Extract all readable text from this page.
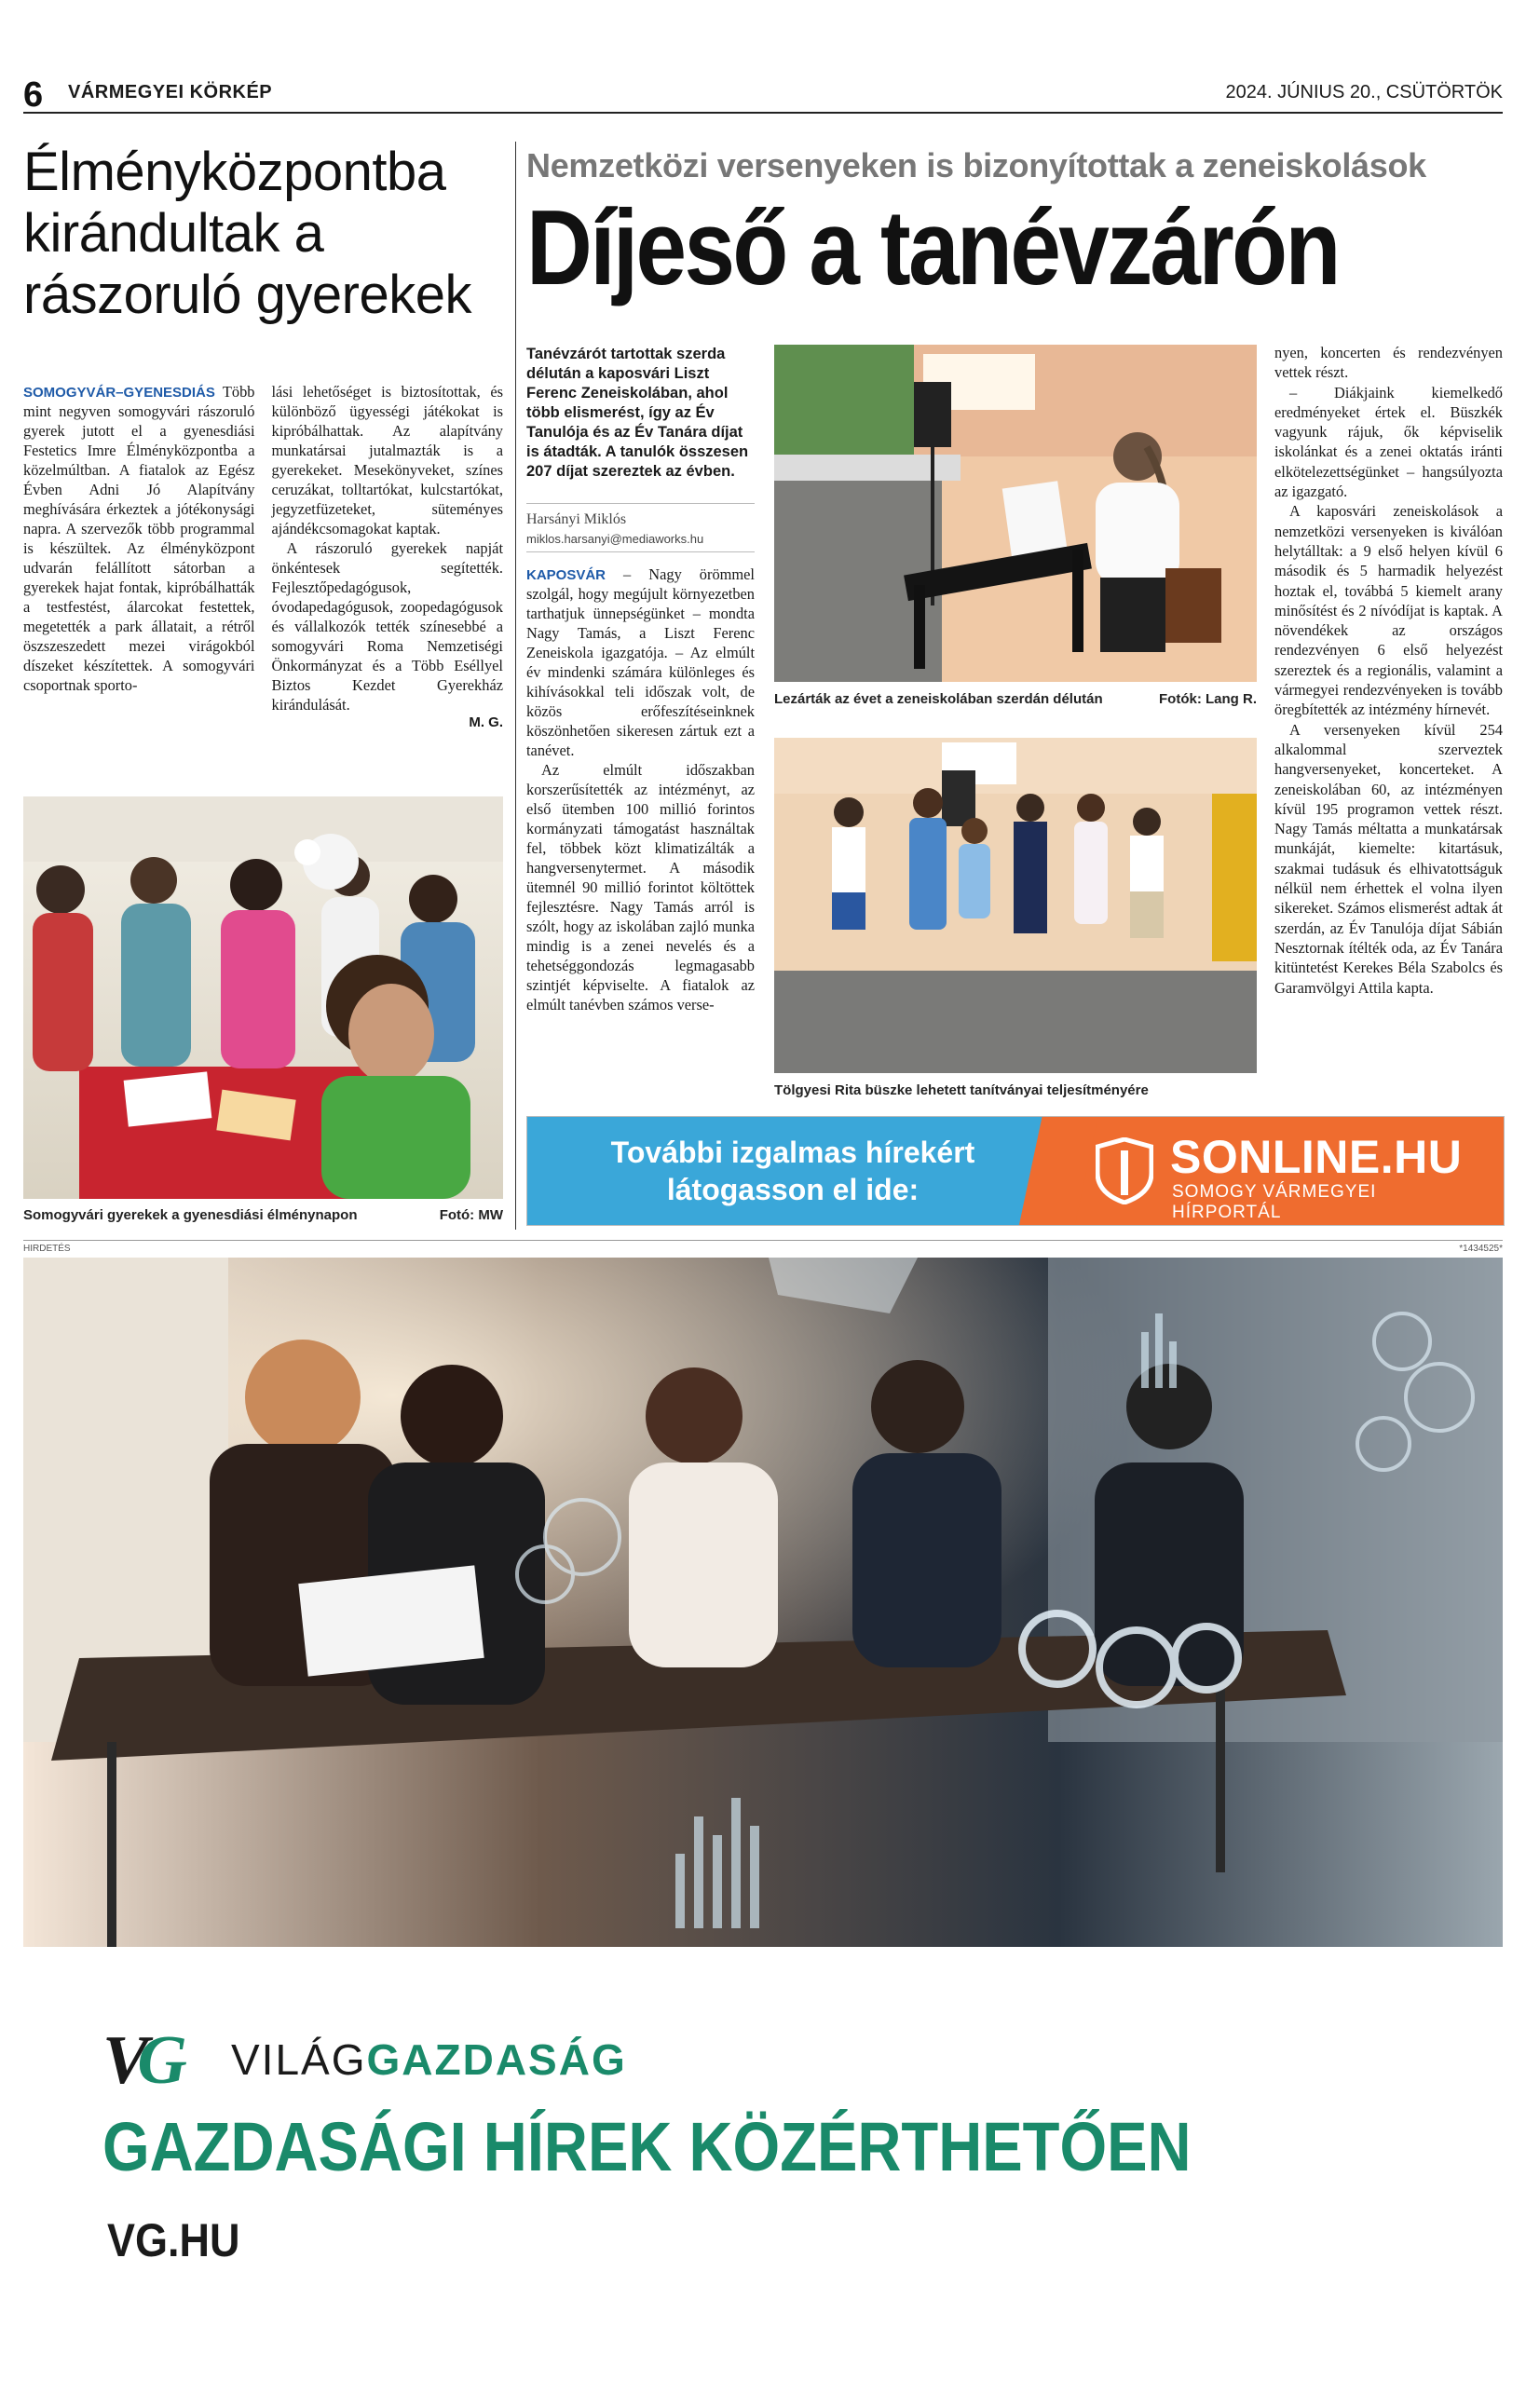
6 VÁRMEGYEI KÖRKÉP	2024. JÚNIUS 20., CSÜTÖRTÖK
Élményközpontba kirándultak a rászoruló gyerekek

SOMOGYVÁR–GYENESDIÁS Több mint negyven somogyvári rászoruló gyerek jutott el a gyenesdiási Festetics Imre Élményközpontba a közelmúltban. A fiatalok az Egész Évben Adni Jó Alapítvány meghívására érkeztek a jótékonysági napra. A szervezők több programmal is készültek. Az élményközpont udvarán felállított sátorban a gyerekek hajat fontak, kipróbálhatták a testfestést, álarcokat festettek, megetették a park állatait, a rétről öszszeszedett mezei virágokból díszeket készítettek. A somogyvári csoportnak sporto-

lási lehetőséget is biztosítottak, és különböző ügyességi játékokat is kipróbálhattak. Az alapítvány munkatársai jutalmazták is a gyerekeket. Mesekönyveket, színes ceruzákat, tolltartókat, kulcstartókat, jegyzetfüzeteket, süteményes ajándékcsomagokat kaptak.

A rászoruló gyerekek napját önkéntesek segítették. Fejlesztőpedagógusok, óvodapedagógusok, zoopedagógusok és vállalkozók tették színesebbé a somogyvári Roma Nemzetiségi Önkormányzat és a Több Eséllyel Biztos Kezdet Gyerekház kirándulását.

M. G.
Somogyvári gyerekek a gyenesdiási élménynapon	Fotó: MW
Nemzetközi versenyeken is bizonyítottak a zeneiskolások
Díjeső a tanévzárón
Tanévzárót tartottak szerda délután a kaposvári Liszt Ferenc Zeneiskolában, ahol több elismerést, így az Év Tanulója és az Év Tanára díjat is átadták. A tanulók összesen 207 díjat szereztek az évben.
Harsányi Miklós
miklos.harsanyi@mediaworks.hu

KAPOSVÁR – Nagy örömmel szolgál, hogy megújult környezetben tarthatjuk ünnepségünket – mondta Nagy Tamás, a Liszt Ferenc Zeneiskola igazgatója. – Az elmúlt év mindenki számára különleges és kihívásokkal teli időszak volt, de közös erőfeszítéseinknek köszönhetően sikeresen zártuk ezt a tanévet.

Az elmúlt időszakban korszerűsítették az intézményt, az első ütemben 100 millió forintos kormányzati támogatást használtak fel, többek közt klimatizálták a hangversenytermet. A második ütemnél 90 millió forintot költöttek fejlesztésre. Nagy Tamás arról is szólt, hogy az iskolában zajló munka mindig is a zenei nevelés és a tehetséggondozás legmagasabb szintjét képviselte. A fiatalok az elmúlt tanévben számos verse-

Lezárták az évet a zeneiskolában szerdán délután	Fotók: Lang R.
Tölgyesi Rita büszke lehetett tanítványai teljesítményére

nyen, koncerten és rendezvényen vettek részt.

– Diákjaink kiemelkedő eredményeket értek el. Büszkék vagyunk rájuk, ők képviselik iskolánkat és a zenei oktatás iránti elkötelezettségünket – hangsúlyozta az igazgató.

A kaposvári zeneiskolások a nemzetközi versenyeken is kiválóan helytálltak: a 9 első helyen kívül 6 második és 5 harmadik helyezést hoztak el, továbbá 5 kiemelt arany minősítést és 2 nívódíjat is kaptak. A növendékek az országos rendezvényen 6 első helyezést szereztek és a regionális, valamint a vármegyei rendezvényeken is tovább öregbítették az intézmény hírnevét.

A versenyeken kívül 254 alkalommal szerveztek hangversenyeket, koncerteket. A zeneiskolában 60, az intézményen kívül 195 programon vettek részt. Nagy Tamás méltatta a munkatársak munkáját, kiemelte: kitartásuk, szakmai tudásuk és elhivatottságuk nélkül nem érhettek el volna ilyen sikereket. Számos elismerést adtak át szerdán, az Év Tanulója díjat Sábián Nesztornak ítélték oda, az Év Tanára kitüntetést Kerekes Béla Szabolcs és Garamvölgyi Attila kapta.

További izgalmas hírekért
látogasson el ide:
SONLINE.HU
SOMOGY VÁRMEGYEI
HÍRPORTÁL
HIRDETÉS	*1434525*
VG VILÁGGAZDASÁG
GAZDASÁGI HÍREK KÖZÉRTHETŐEN
VG.HU
